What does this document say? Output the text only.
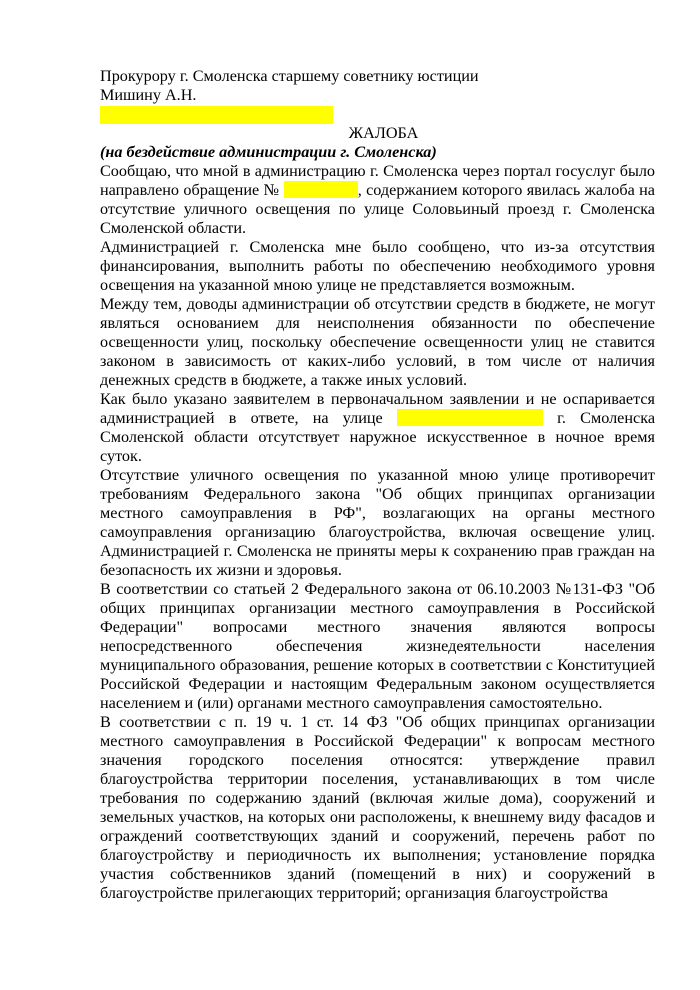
Прокурору г. Смоленска старшему советнику юстиции

Мишину А.Н.

ЖАЛОБА

(на бездействие администрации г. Смоленска)

Сообщаю, что мной в администрацию г. Смоленска через портал госуслуг было направлено обращение №	, содержанием которого явилась жалоба на отсутствие уличного освещения по улице Соловьиный проезд г. Смоленска Смоленской области.

Администрацией г. Смоленска мне было сообщено, что из-за отсутствия финансирования, выполнить работы по обеспечению необходимого уровня освещения на указанной мною улице не представляется возможным.

Между тем, доводы администрации об отсутствии средств в бюджете, не могут являться основанием для неисполнения обязанности по обеспечение освещенности улиц, поскольку обеспечение освещенности улиц не ставится законом в зависимость от каких-либо условий, в том числе от наличия денежных средств в бюджете, а также иных условий.

Как было указано заявителем в первоначальном заявлении и не оспаривается администрацией в ответе, на улице	г. Смоленска Смоленской области отсутствует наружное искусственное в ночное время суток.

Отсутствие уличного освещения по указанной мною улице противоречит требованиям Федерального закона "Об общих принципах организации местного самоуправления в РФ", возлагающих на органы местного самоуправления организацию благоустройства, включая освещение улиц. Администрацией г. Смоленска не приняты меры к сохранению прав граждан на безопасность их жизни и здоровья.

В соответствии со статьей 2 Федерального закона от 06.10.2003 №131-ФЗ "Об общих принципах организации местного самоуправления в Российской Федерации" вопросами местного значения являются вопросы непосредственного обеспечения жизнедеятельности населения муниципального образования, решение которых в соответствии с Конституцией Российской Федерации и настоящим Федеральным законом осуществляется населением и (или) органами местного самоуправления самостоятельно.

В соответствии с п. 19 ч. 1 ст. 14 ФЗ "Об общих принципах организации местного самоуправления в Российской Федерации" к вопросам местного значения городского поселения относятся: утверждение правил благоустройства территории поселения, устанавливающих в том числе требования по содержанию зданий (включая жилые дома), сооружений и земельных участков, на которых они расположены, к внешнему виду фасадов и ограждений соответствующих зданий и сооружений, перечень работ по благоустройству и периодичность их выполнения; установление порядка участия собственников зданий (помещений в них) и сооружений в благоустройстве прилегающих территорий; организация благоустройства
